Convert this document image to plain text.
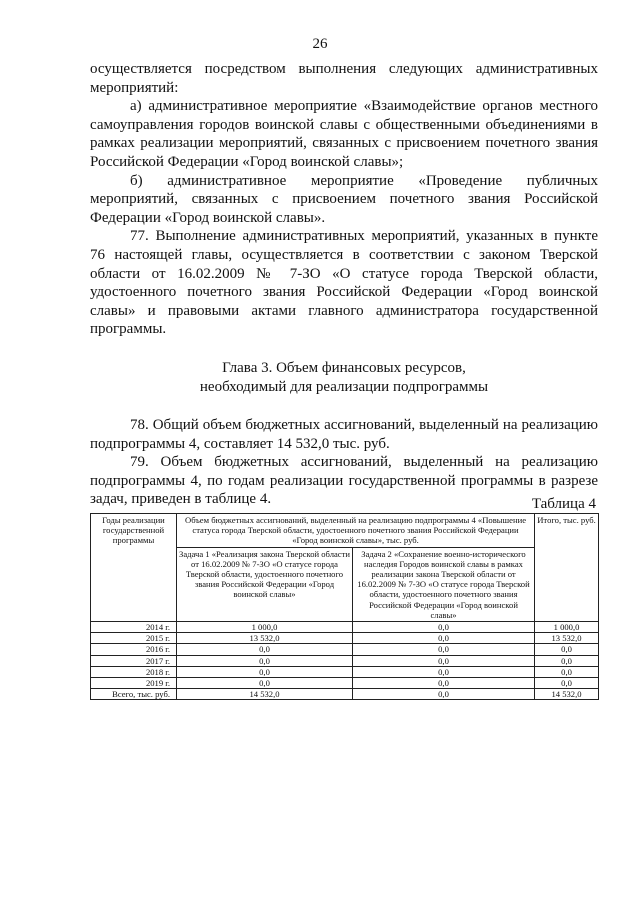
26

осуществляется посредством выполнения следующих административных мероприятий:

а) административное мероприятие «Взаимодействие органов местного самоуправления городов воинской славы с общественными объединениями в рамках реализации мероприятий, связанных с присвоением почетного звания Российской Федерации «Город воинской славы»;

б) административное мероприятие «Проведение публичных мероприятий, связанных с присвоением почетного звания Российской Федерации «Город воинской славы».

77. Выполнение административных мероприятий, указанных в пункте 76 настоящей главы, осуществляется в соответствии с законом Тверской области от 16.02.2009 № 7-ЗО «О статусе города Тверской области, удостоенного почетного звания Российской Федерации «Город воинской славы» и правовыми актами главного администратора государственной программы.

Глава 3. Объем финансовых ресурсов,
необходимый для реализации подпрограммы

78. Общий объем бюджетных ассигнований, выделенный на реализацию подпрограммы 4, составляет 14 532,0 тыс. руб.

79. Объем бюджетных ассигнований, выделенный на реализацию подпрограммы 4, по годам реализации государственной программы в разрезе задач, приведен в таблице 4.	Таблица 4
Годы реализации государственной программы	Объем бюджетных ассигнований, выделенный на реализацию подпрограммы 4 «Повышение статуса города Тверской области, удостоенного почетного звания Российской Федерации «Город воинской славы», тыс. руб.		Итого, тыс. руб.
	Задача 1 «Реализация закона Тверской области от 16.02.2009 № 7-ЗО «О статусе города Тверской области, удостоенного почетного звания Российской Федерации «Город воинской славы»	Задача 2 «Сохранение военно-исторического наследия Городов воинской славы в рамках реализации закона Тверской области от 16.02.2009 № 7-ЗО «О статусе города Тверской области, удостоенного почетного звания Российской Федерации «Город воинской славы»	
2014 г.	1 000,0	0,0	1 000,0
2015 г.	13 532,0	0,0	13 532,0
2016 г.	0,0	0,0	0,0
2017 г.	0,0	0,0	0,0
2018 г.	0,0	0,0	0,0
2019 г.	0,0	0,0	0,0
Всего, тыс. руб.	14 532,0	0,0	14 532,0
